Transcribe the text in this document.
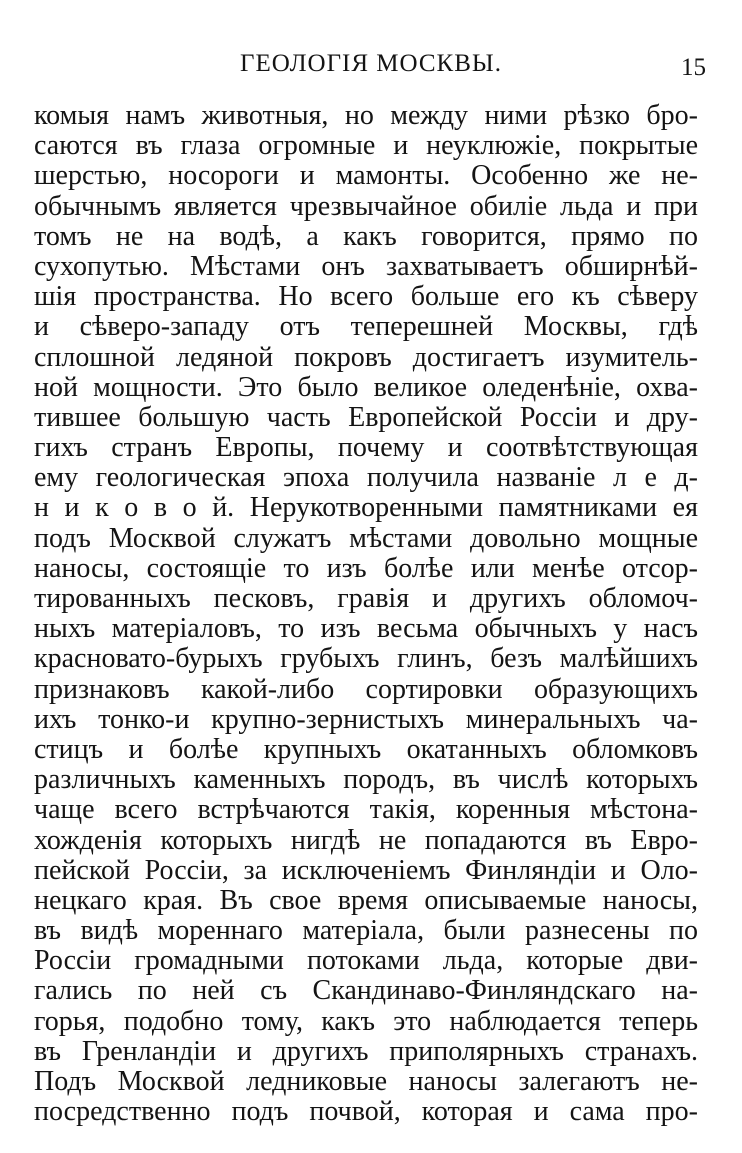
ГЕОЛОГІЯ МОСКВЫ.	15
комыя намъ животныя, но между ними рѣзко бро-
саются въ глаза огромные и неуклюжіе, покрытые
шерстью, носороги и мамонты. Особенно же не-
обычнымъ является чрезвычайное обиліе льда и при
томъ не на водѣ, а какъ говорится, прямо по
сухопутью. Мѣстами онъ захватываетъ обширнѣй-
шія пространства. Но всего больше его къ сѣверу
и сѣверо-западу отъ теперешней Москвы, гдѣ
сплошной ледяной покровъ достигаетъ изумитель-
ной мощности. Это было великое оледенѣніе, охва-
тившее большую часть Европейской Россіи и дру-
гихъ странъ Европы, почему и соотвѣтствующая
ему геологическая эпоха получила названіе л е д-
н и к о в о й. Нерукотворенными памятниками ея
подъ Москвой служатъ мѣстами довольно мощные
наносы, состоящіе то изъ болѣе или менѣе отсор-
тированныхъ песковъ, гравія и другихъ обломоч-
ныхъ матеріаловъ, то изъ весьма обычныхъ у насъ
красновато-бурыхъ грубыхъ глинъ, безъ малѣйшихъ
признаковъ какой-либо сортировки образующихъ
ихъ тонко-и крупно-зернистыхъ минеральныхъ ча-
стицъ и болѣе крупныхъ окатанныхъ обломковъ
различныхъ каменныхъ породъ, въ числѣ которыхъ
чаще всего встрѣчаются такія, коренныя мѣстона-
хожденія которыхъ нигдѣ не попадаются въ Евро-
пейской Россіи, за исключеніемъ Финляндіи и Оло-
нецкаго края. Въ свое время описываемые наносы,
въ видѣ мореннаго матеріала, были разнесены по
Россіи громадными потоками льда, которые дви-
гались по ней съ Скандинаво-Финляндскаго на-
горья, подобно тому, какъ это наблюдается теперь
въ Гренландіи и другихъ приполярныхъ странахъ.
Подъ Москвой ледниковые наносы залегаютъ не-
посредственно подъ почвой, которая и сама про-
